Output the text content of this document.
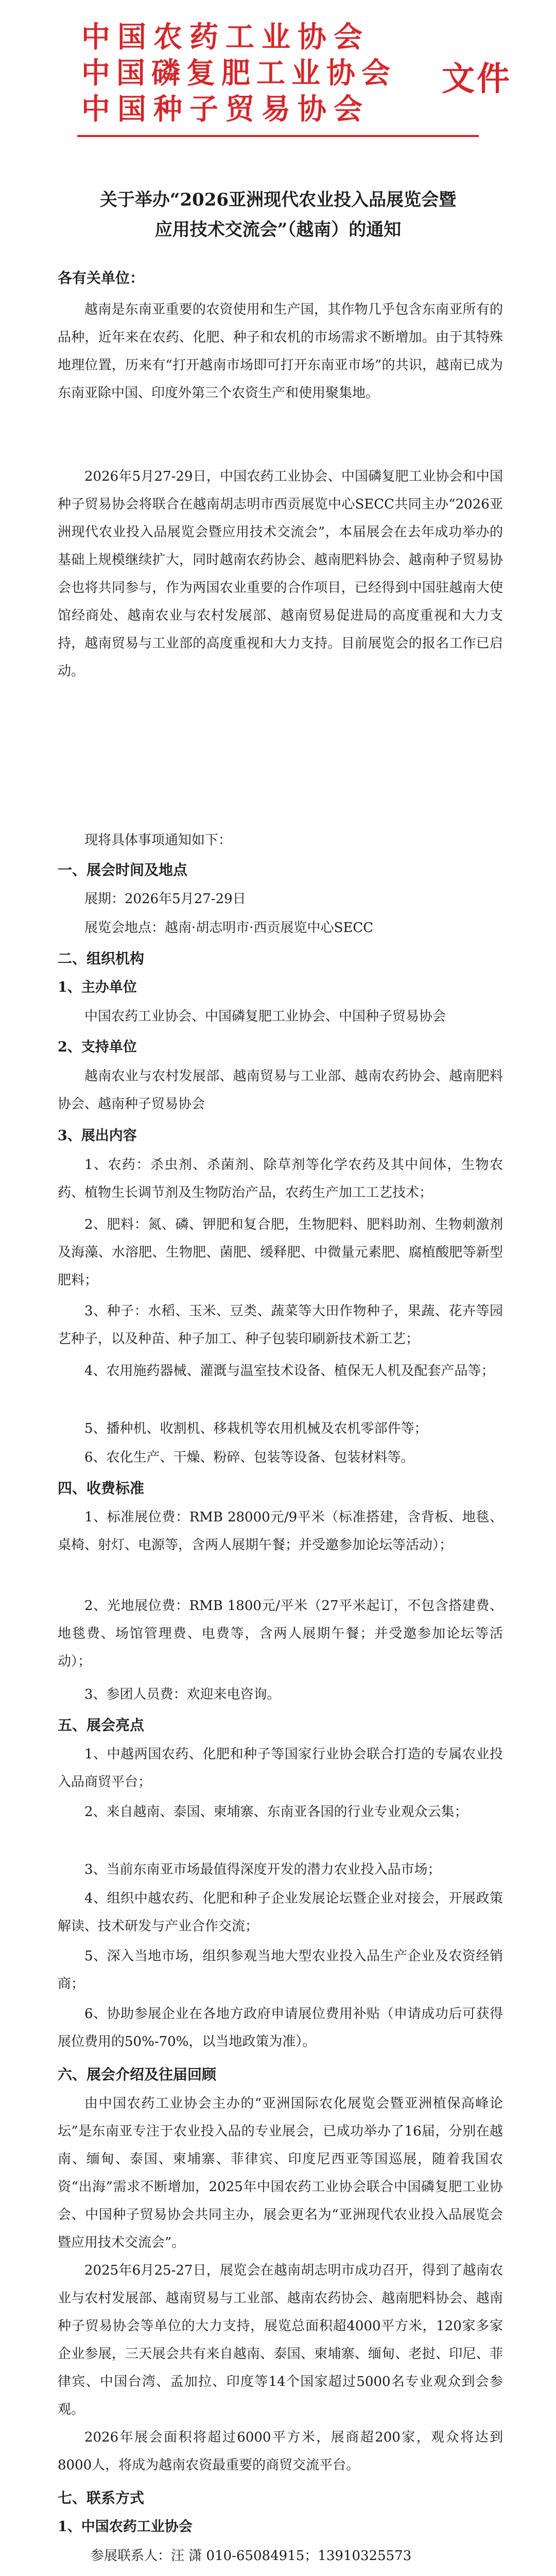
中国农药工业协会
中国磷复肥工业协会
中国种子贸易协会
文件
关于举办“2026亚洲现代农业投入品展览会暨
应用技术交流会”（越南）的通知
各有关单位：
越南是东南亚重要的农资使用和生产国，其作物几乎包含东南亚所有的品种，近年来在农药、化肥、种子和农机的市场需求不断增加。由于其特殊地理位置，历来有“打开越南市场即可打开东南亚市场”的共识，越南已成为东南亚除中国、印度外第三个农资生产和使用聚集地。
2026年5月27-29日，中国农药工业协会、中国磷复肥工业协会和中国种子贸易协会将联合在越南胡志明市西贡展览中心SECC共同主办“2026亚洲现代农业投入品展览会暨应用技术交流会”，本届展会在去年成功举办的基础上规模继续扩大，同时越南农药协会、越南肥料协会、越南种子贸易协会也将共同参与，作为两国农业重要的合作项目，已经得到中国驻越南大使馆经商处、越南农业与农村发展部、越南贸易促进局的高度重视和大力支持，越南贸易与工业部的高度重视和大力支持。目前展览会的报名工作已启动。
现将具体事项通知如下：
一、展会时间及地点
展期：2026年5月27-29日
展览会地点：越南·胡志明市·西贡展览中心SECC
二、组织机构
1、主办单位
中国农药工业协会、中国磷复肥工业协会、中国种子贸易协会
2、支持单位
越南农业与农村发展部、越南贸易与工业部、越南农药协会、越南肥料协会、越南种子贸易协会
3、展出内容
1、农药：杀虫剂、杀菌剂、除草剂等化学农药及其中间体，生物农药、植物生长调节剂及生物防治产品，农药生产加工工艺技术；
2、肥料：氮、磷、钾肥和复合肥，生物肥料、肥料助剂、生物刺激剂及海藻、水溶肥、生物肥、菌肥、缓释肥、中微量元素肥、腐植酸肥等新型肥料；
3、种子：水稻、玉米、豆类、蔬菜等大田作物种子，果蔬、花卉等园艺种子，以及种苗、种子加工、种子包装印刷新技术新工艺；
4、农用施药器械、灌溉与温室技术设备、植保无人机及配套产品等；
5、播种机、收割机、移栽机等农用机械及农机零部件等；
6、农化生产、干燥、粉碎、包装等设备、包装材料等。
四、收费标准
1、标准展位费：RMB 28000元/9平米（标准搭建，含背板、地毯、桌椅、射灯、电源等，含两人展期午餐；并受邀参加论坛等活动）；
2、光地展位费：RMB 1800元/平米（27平米起订，不包含搭建费、地毯费、场馆管理费、电费等，含两人展期午餐；并受邀参加论坛等活动）；
3、参团人员费：欢迎来电咨询。
五、展会亮点
1、中越两国农药、化肥和种子等国家行业协会联合打造的专属农业投入品商贸平台；
2、来自越南、泰国、柬埔寨、东南亚各国的行业专业观众云集；
3、当前东南亚市场最值得深度开发的潜力农业投入品市场；
4、组织中越农药、化肥和种子企业发展论坛暨企业对接会，开展政策解读、技术研发与产业合作交流；
5、深入当地市场，组织参观当地大型农业投入品生产企业及农资经销商；
6、协助参展企业在各地方政府申请展位费用补贴（申请成功后可获得展位费用的50%-70%，以当地政策为准）。
六、展会介绍及往届回顾
由中国农药工业协会主办的“亚洲国际农化展览会暨亚洲植保高峰论坛”是东南亚专注于农业投入品的专业展会，已成功举办了16届，分别在越南、缅甸、泰国、柬埔寨、菲律宾、印度尼西亚等国巡展，随着我国农资“出海”需求不断增加，2025年中国农药工业协会联合中国磷复肥工业协会、中国种子贸易协会共同主办，展会更名为“亚洲现代农业投入品展览会暨应用技术交流会”。
2025年6月25-27日，展览会在越南胡志明市成功召开，得到了越南农业与农村发展部、越南贸易与工业部、越南农药协会、越南肥料协会、越南种子贸易协会等单位的大力支持，展览总面积超4000平方米，120家多家企业参展，三天展会共有来自越南、泰国、柬埔寨、缅甸、老挝、印尼、菲律宾、中国台湾、孟加拉、印度等14个国家超过5000名专业观众到会参观。
2026年展会面积将超过6000平方米，展商超200家，观众将达到8000人，将成为越南农资最重要的商贸交流平台。
七、联系方式
1、中国农药工业协会
参展联系人：汪 潇 010-65084915；13910325573
